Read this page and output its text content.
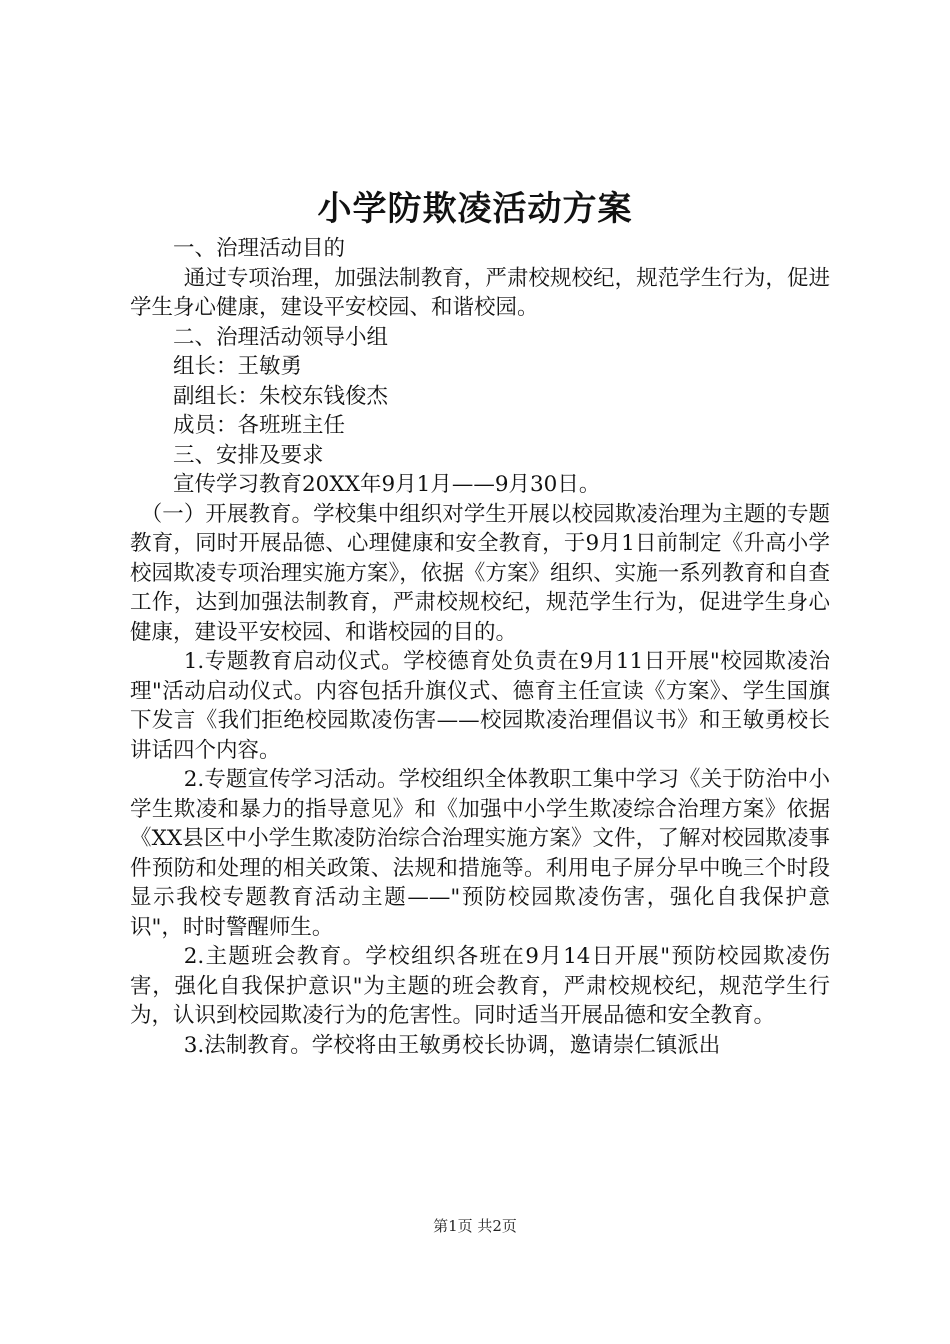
小学防欺凌活动方案

一、治理活动目的

通过专项治理，加强法制教育，严肃校规校纪，规范学生行为，促进学生身心健康，建设平安校园、和谐校园。

二、治理活动领导小组

组长：王敏勇

副组长：朱校东钱俊杰

成员：各班班主任

三、安排及要求

宣传学习教育20XX年9月1月——9月30日。

（一）开展教育。学校集中组织对学生开展以校园欺凌治理为主题的专题教育，同时开展品德、心理健康和安全教育，于9月1日前制定《升高小学校园欺凌专项治理实施方案》，依据《方案》组织、实施一系列教育和自查工作，达到加强法制教育，严肃校规校纪，规范学生行为，促进学生身心健康，建设平安校园、和谐校园的目的。

1.专题教育启动仪式。学校德育处负责在9月11日开展"校园欺凌治理"活动启动仪式。内容包括升旗仪式、德育主任宣读《方案》、学生国旗下发言《我们拒绝校园欺凌伤害——校园欺凌治理倡议书》和王敏勇校长讲话四个内容。

2.专题宣传学习活动。学校组织全体教职工集中学习《关于防治中小学生欺凌和暴力的指导意见》和《加强中小学生欺凌综合治理方案》依据《XX县区中小学生欺凌防治综合治理实施方案》文件，了解对校园欺凌事件预防和处理的相关政策、法规和措施等。利用电子屏分早中晚三个时段显示我校专题教育活动主题——"预防校园欺凌伤害，强化自我保护意识"，时时警醒师生。

2.主题班会教育。学校组织各班在9月14日开展"预防校园欺凌伤害，强化自我保护意识"为主题的班会教育，严肃校规校纪，规范学生行为，认识到校园欺凌行为的危害性。同时适当开展品德和安全教育。

3.法制教育。学校将由王敏勇校长协调，邀请崇仁镇派出

第1页 共2页
